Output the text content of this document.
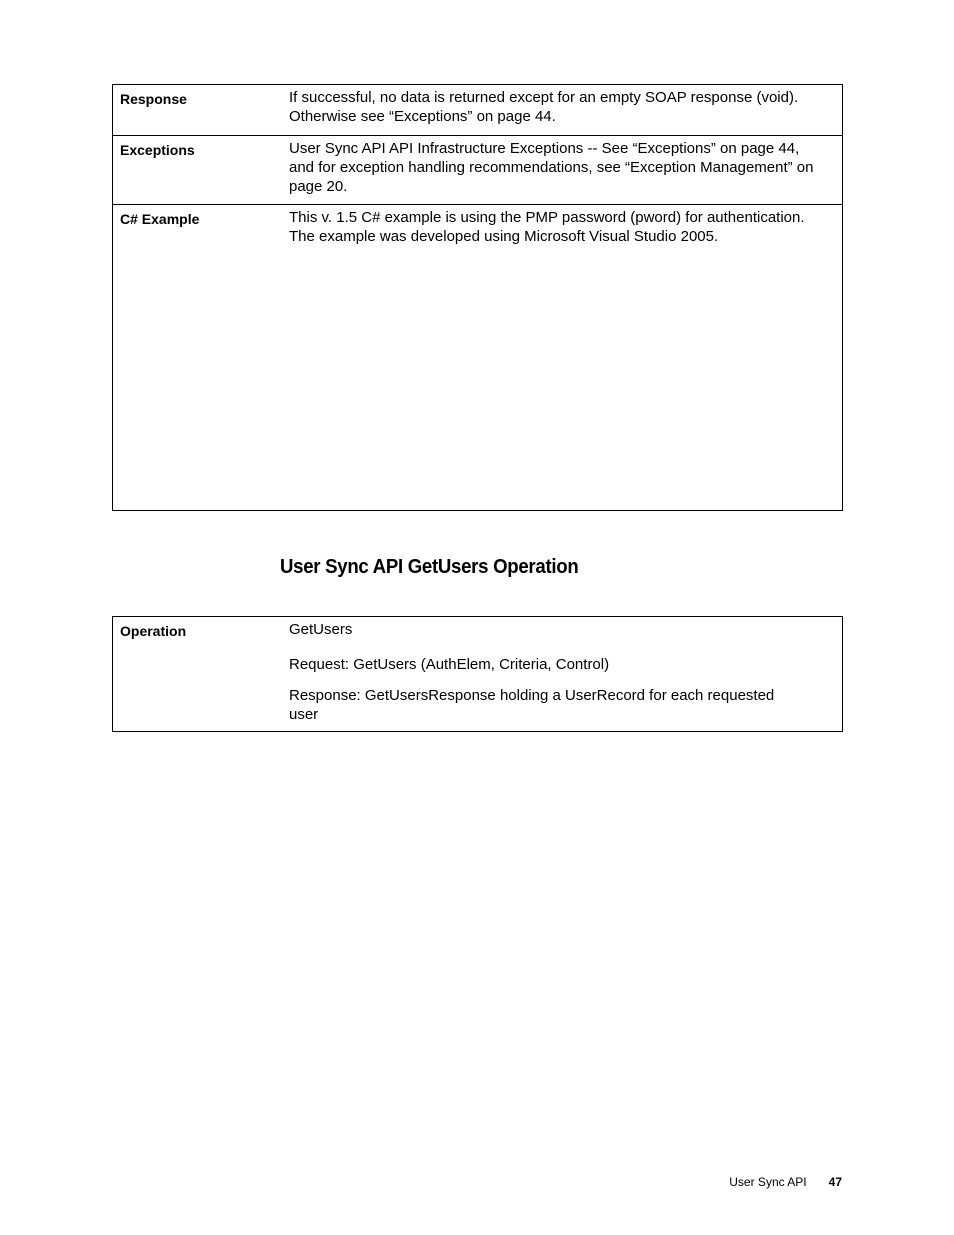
Response	If successful, no data is returned except for an empty SOAP response (void).

Otherwise see “Exceptions” on page 44.

Exceptions	User Sync API API Infrastructure Exceptions -- See “Exceptions” on page 44,

and for exception handling recommendations, see “Exception Management” on

page 20.

C# Example	This v. 1.5 C# example is using the PMP password (pword) for authentication.

The example was developed using Microsoft Visual Studio 2005.

User Sync API GetUsers Operation
Operation	GetUsers

Request: GetUsers (AuthElem, Criteria, Control)

Response: GetUsersResponse holding a UserRecord for each requested

user

User Sync API 47
